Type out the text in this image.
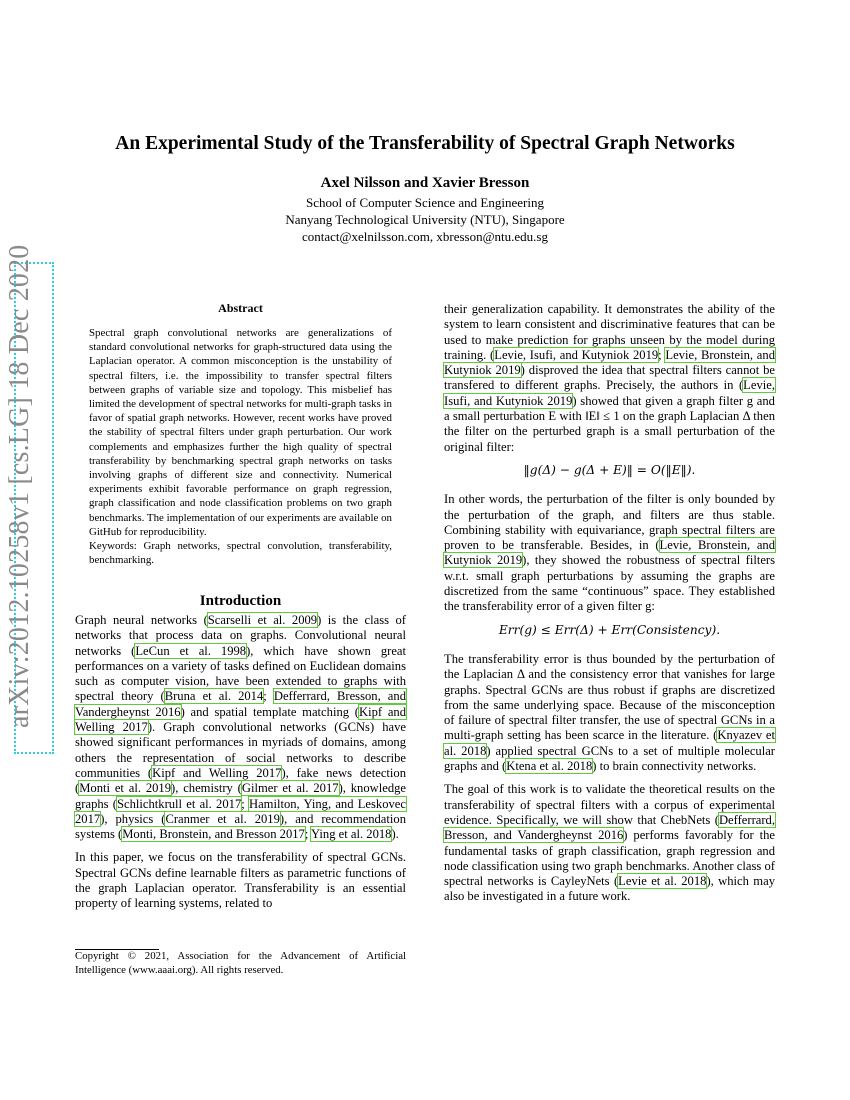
arXiv:2012.10258v1 [cs.LG] 18 Dec 2020
An Experimental Study of the Transferability of Spectral Graph Networks
Axel Nilsson and Xavier Bresson
School of Computer Science and Engineering
Nanyang Technological University (NTU), Singapore
contact@xelnilsson.com, xbresson@ntu.edu.sg
Abstract

Spectral graph convolutional networks are generalizations of standard convolutional networks for graph-structured data using the Laplacian operator. A common misconception is the unstability of spectral filters, i.e. the impossibility to transfer spectral filters between graphs of variable size and topology. This misbelief has limited the development of spectral networks for multi-graph tasks in favor of spatial graph networks. However, recent works have proved the stability of spectral filters under graph perturbation. Our work complements and emphasizes further the high quality of spectral transferability by benchmarking spectral graph networks on tasks involving graphs of different size and connectivity. Numerical experiments exhibit favorable performance on graph regression, graph classification and node classification problems on two graph benchmarks. The implementation of our experiments are available on GitHub for reproducibility.

Keywords: Graph networks, spectral convolution, transferability, benchmarking.

Introduction

Graph neural networks (Scarselli et al. 2009) is the class of networks that process data on graphs. Convolutional neural networks (LeCun et al. 1998), which have shown great performances on a variety of tasks defined on Euclidean domains such as computer vision, have been extended to graphs with spectral theory (Bruna et al. 2014; Defferrard, Bresson, and Vandergheynst 2016) and spatial template matching (Kipf and Welling 2017). Graph convolutional networks (GCNs) have showed significant performances in myriads of domains, among others the representation of social networks to describe communities (Kipf and Welling 2017), fake news detection (Monti et al. 2019), chemistry (Gilmer et al. 2017), knowledge graphs (Schlichtkrull et al. 2017; Hamilton, Ying, and Leskovec 2017), physics (Cranmer et al. 2019), and recommendation systems (Monti, Bronstein, and Bresson 2017; Ying et al. 2018).

In this paper, we focus on the transferability of spectral GCNs. Spectral GCNs define learnable filters as parametric functions of the graph Laplacian operator. Transferability is an essential property of learning systems, related to

Copyright © 2021, Association for the Advancement of Artificial Intelligence (www.aaai.org). All rights reserved.

their generalization capability. It demonstrates the ability of the system to learn consistent and discriminative features that can be used to make prediction for graphs unseen by the model during training. (Levie, Isufi, and Kutyniok 2019; Levie, Bronstein, and Kutyniok 2019) disproved the idea that spectral filters cannot be transfered to different graphs. Precisely, the authors in (Levie, Isufi, and Kutyniok 2019) showed that given a graph filter g and a small perturbation E with ‖E‖ ≤ 1 on the graph Laplacian Δ then the filter on the perturbed graph is a small perturbation of the original filter:

‖g(Δ) − g(Δ + E)‖ = O(‖E‖).

In other words, the perturbation of the filter is only bounded by the perturbation of the graph, and filters are thus stable. Combining stability with equivariance, graph spectral filters are proven to be transferable. Besides, in (Levie, Bronstein, and Kutyniok 2019), they showed the robustness of spectral filters w.r.t. small graph perturbations by assuming the graphs are discretized from the same “continuous” space. They established the transferability error of a given filter g:

Err(g) ≤ Err(Δ) + Err(Consistency).

The transferability error is thus bounded by the perturbation of the Laplacian Δ and the consistency error that vanishes for large graphs. Spectral GCNs are thus robust if graphs are discretized from the same underlying space. Because of the misconception of failure of spectral filter transfer, the use of spectral GCNs in a multi-graph setting has been scarce in the literature. (Knyazev et al. 2018) applied spectral GCNs to a set of multiple molecular graphs and (Ktena et al. 2018) to brain connectivity networks.

The goal of this work is to validate the theoretical results on the transferability of spectral filters with a corpus of experimental evidence. Specifically, we will show that ChebNets (Defferrard, Bresson, and Vandergheynst 2016) performs favorably for the fundamental tasks of graph classification, graph regression and node classification using two graph benchmarks. Another class of spectral networks is CayleyNets (Levie et al. 2018), which may also be investigated in a future work.
